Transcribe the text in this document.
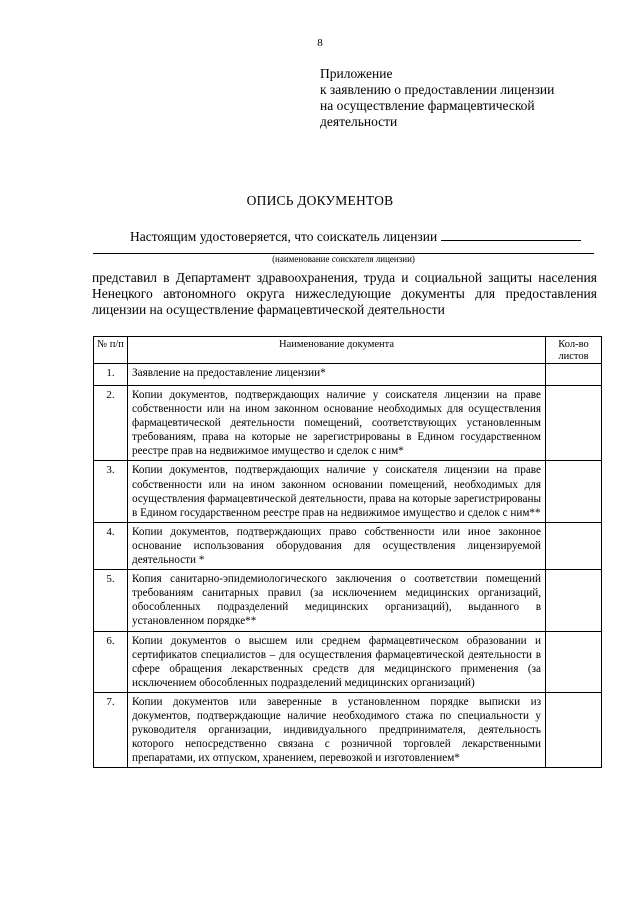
8
Приложение
к заявлению о предоставлении лицензии
на осуществление фармацевтической
деятельности
ОПИСЬ ДОКУМЕНТОВ
Настоящим удостоверяется, что соискатель лицензии
(наименование соискателя лицензии)

представил в Департамент здравоохранения, труда и социальной защиты населения

Ненецкого автономного округа нижеследующие документы для предоставления

лицензии на осуществление фармацевтической деятельности

№ п/п	Наименование документа	Кол-во листов
1.	Заявление на предоставление лицензии*	
2.	Копии документов, подтверждающих наличие у соискателя лицензии на праве собственности или на ином законном основание необходимых для осуществления фармацевтической деятельности помещений, соответствующих установленным требованиям, права на которые не зарегистрированы в Едином государственном реестре прав на недвижимое имущество и сделок с ним*	
3.	Копии документов, подтверждающих наличие у соискателя лицензии на праве собственности или на ином законном основании помещений, необходимых для осуществления фармацевтической деятельности, права на которые зарегистрированы в Едином государственном реестре прав на недвижимое имущество и сделок с ним**	
4.	Копии документов, подтверждающих право собственности или иное законное основание использования оборудования для осуществления лицензируемой деятельности *	
5.	Копия санитарно-эпидемиологического заключения о соответствии помещений требованиям санитарных правил (за исключением медицинских организаций, обособленных подразделений медицинских организаций), выданного в установленном порядке**	
6.	Копии документов о высшем или среднем фармацевтическом образовании и сертификатов специалистов – для осуществления фармацевтической деятельности в сфере обращения лекарственных средств для медицинского применения (за исключением обособленных подразделений медицинских организаций)	
7.	Копии документов или заверенные в установленном порядке выписки из документов, подтверждающие наличие необходимого стажа по специальности у руководителя организации, индивидуального предпринимателя, деятельность которого непосредственно связана с розничной торговлей лекарственными препаратами, их отпуском, хранением, перевозкой и изготовлением*	
